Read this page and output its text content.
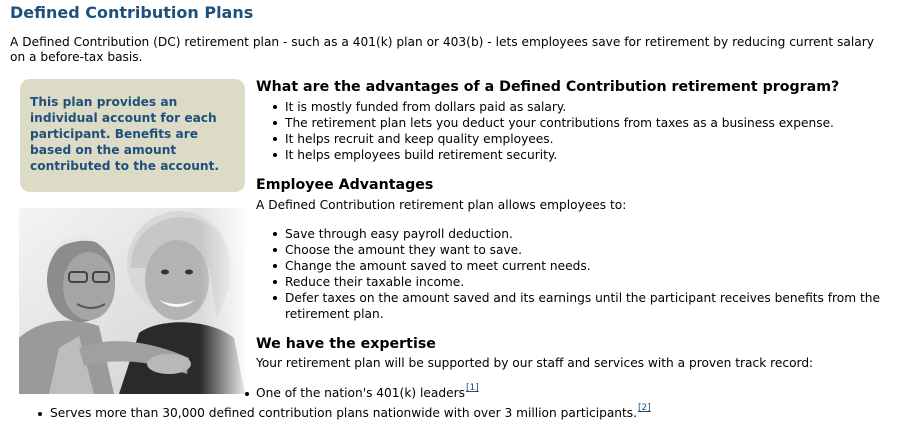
Defined Contribution Plans
A Defined Contribution (DC) retirement plan - such as a 401(k) plan or 403(b) - lets employees save for retirement by reducing current salary on a before-tax basis.
This plan provides an individual account for each participant. Benefits are based on the amount contributed to the account.
What are the advantages of a Defined Contribution retirement program?
It is mostly funded from dollars paid as salary.
The retirement plan lets you deduct your contributions from taxes as a business expense.
It helps recruit and keep quality employees.
It helps employees build retirement security.
Employee Advantages
A Defined Contribution retirement plan allows employees to:
Save through easy payroll deduction.
Choose the amount they want to save.
Change the amount saved to meet current needs.
Reduce their taxable income.
Defer taxes on the amount saved and its earnings until the participant receives benefits from the retirement plan.
We have the expertise
Your retirement plan will be supported by our staff and services with a proven track record:
One of the nation's 401(k) leaders[1]
Serves more than 30,000 defined contribution plans nationwide with over 3 million participants.[2]
